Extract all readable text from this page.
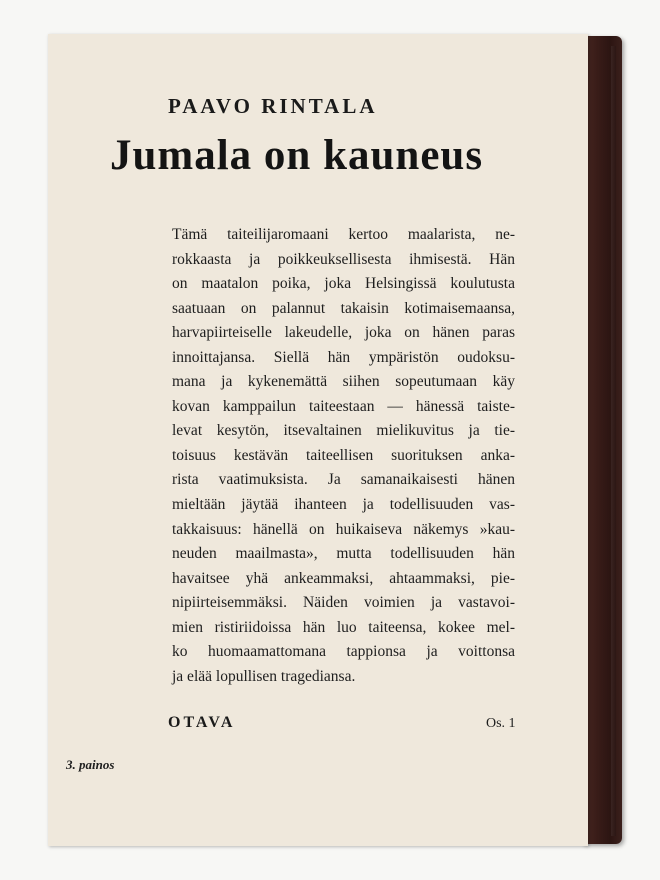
PAAVO RINTALA
Jumala on kauneus

Tämä taiteilijaromaani kertoo maalarista, ne-
rokkaasta ja poikkeuksellisesta ihmisestä. Hän
on maatalon poika, joka Helsingissä koulutusta
saatuaan on palannut takaisin kotimaisemaansa,
harvapiirteiselle lakeudelle, joka on hänen paras
innoittajansa. Siellä hän ympäristön oudoksu-
mana ja kykenemättä siihen sopeutumaan käy
kovan kamppailun taiteestaan — hänessä taiste-
levat kesytön, itsevaltainen mielikuvitus ja tie-
toisuus kestävän taiteellisen suorituksen anka-
rista vaatimuksista. Ja samanaikaisesti hänen
mieltään jäytää ihanteen ja todellisuuden vas-
takkaisuus: hänellä on huikaiseva näkemys »kau-
neuden maailmasta», mutta todellisuuden hän
havaitsee yhä ankeammaksi, ahtaammaksi, pie-
nipiirteisemmäksi. Näiden voimien ja vastavoi-
mien ristiriidoissa hän luo taiteensa, kokee mel-
ko huomaamattomana tappionsa ja voittonsa
ja elää lopullisen tragediansa.

OTAVA	Os. 1
3. painos
